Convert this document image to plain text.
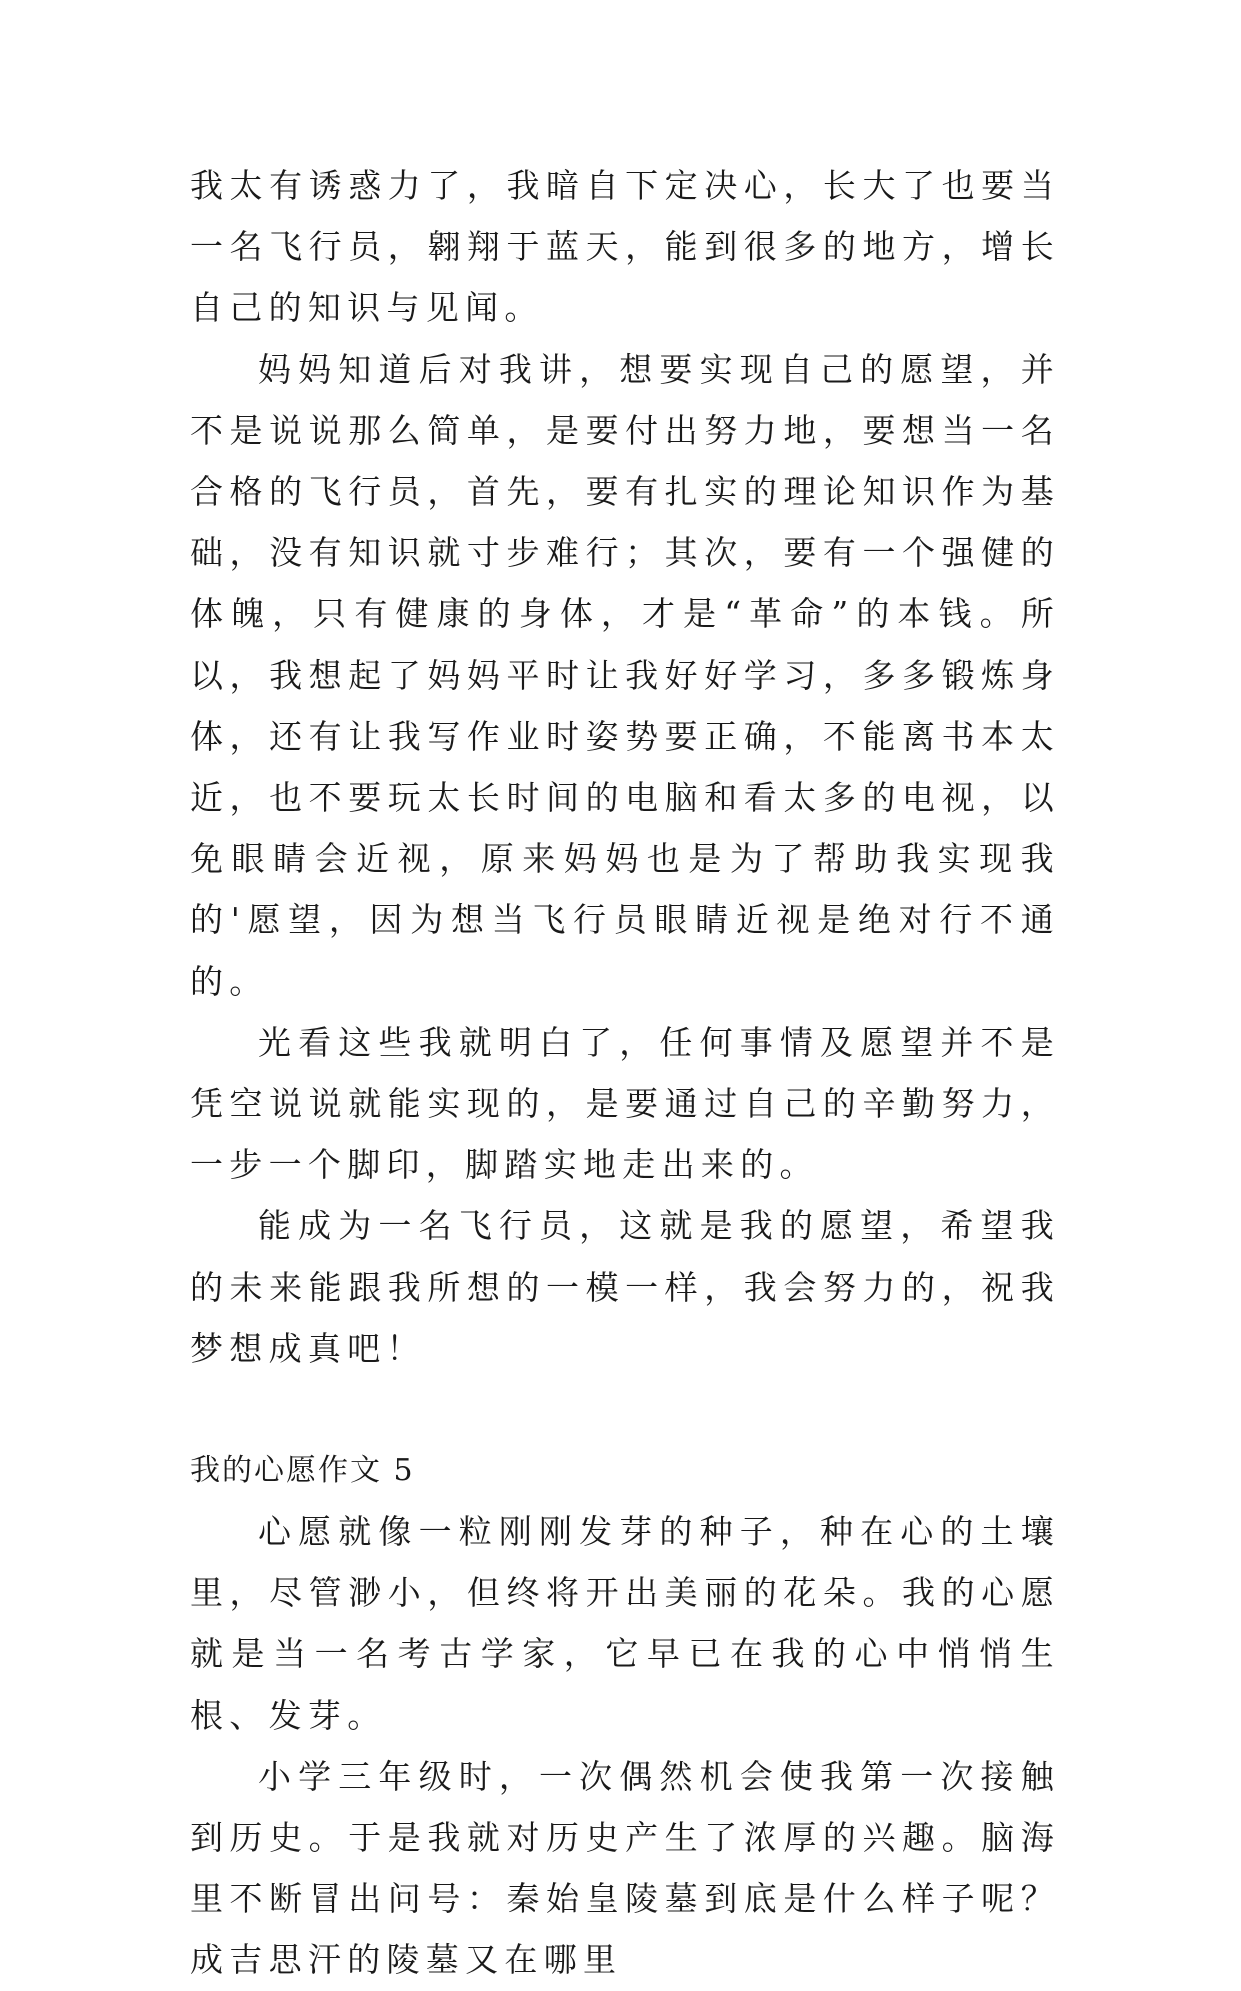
我太有诱惑力了，我暗自下定决心，长大了也要当一名飞行员，翱翔于蓝天，能到很多的地方，增长自己的知识与见闻。

妈妈知道后对我讲，想要实现自己的愿望，并不是说说那么简单，是要付出努力地，要想当一名合格的飞行员，首先，要有扎实的理论知识作为基础，没有知识就寸步难行；其次，要有一个强健的体魄，只有健康的身体，才是“革命”的本钱。所以，我想起了妈妈平时让我好好学习，多多锻炼身体，还有让我写作业时姿势要正确，不能离书本太近，也不要玩太长时间的电脑和看太多的电视，以免眼睛会近视，原来妈妈也是为了帮助我实现我的'愿望，因为想当飞行员眼睛近视是绝对行不通的。

光看这些我就明白了，任何事情及愿望并不是凭空说说就能实现的，是要通过自己的辛勤努力，一步一个脚印，脚踏实地走出来的。

能成为一名飞行员，这就是我的愿望，希望我的未来能跟我所想的一模一样，我会努力的，祝我梦想成真吧！

我的心愿作文 5

心愿就像一粒刚刚发芽的种子，种在心的土壤里，尽管渺小，但终将开出美丽的花朵。我的心愿就是当一名考古学家，它早已在我的心中悄悄生根、发芽。

小学三年级时，一次偶然机会使我第一次接触到历史。于是我就对历史产生了浓厚的兴趣。脑海里不断冒出问号：秦始皇陵墓到底是什么样子呢？成吉思汗的陵墓又在哪里
